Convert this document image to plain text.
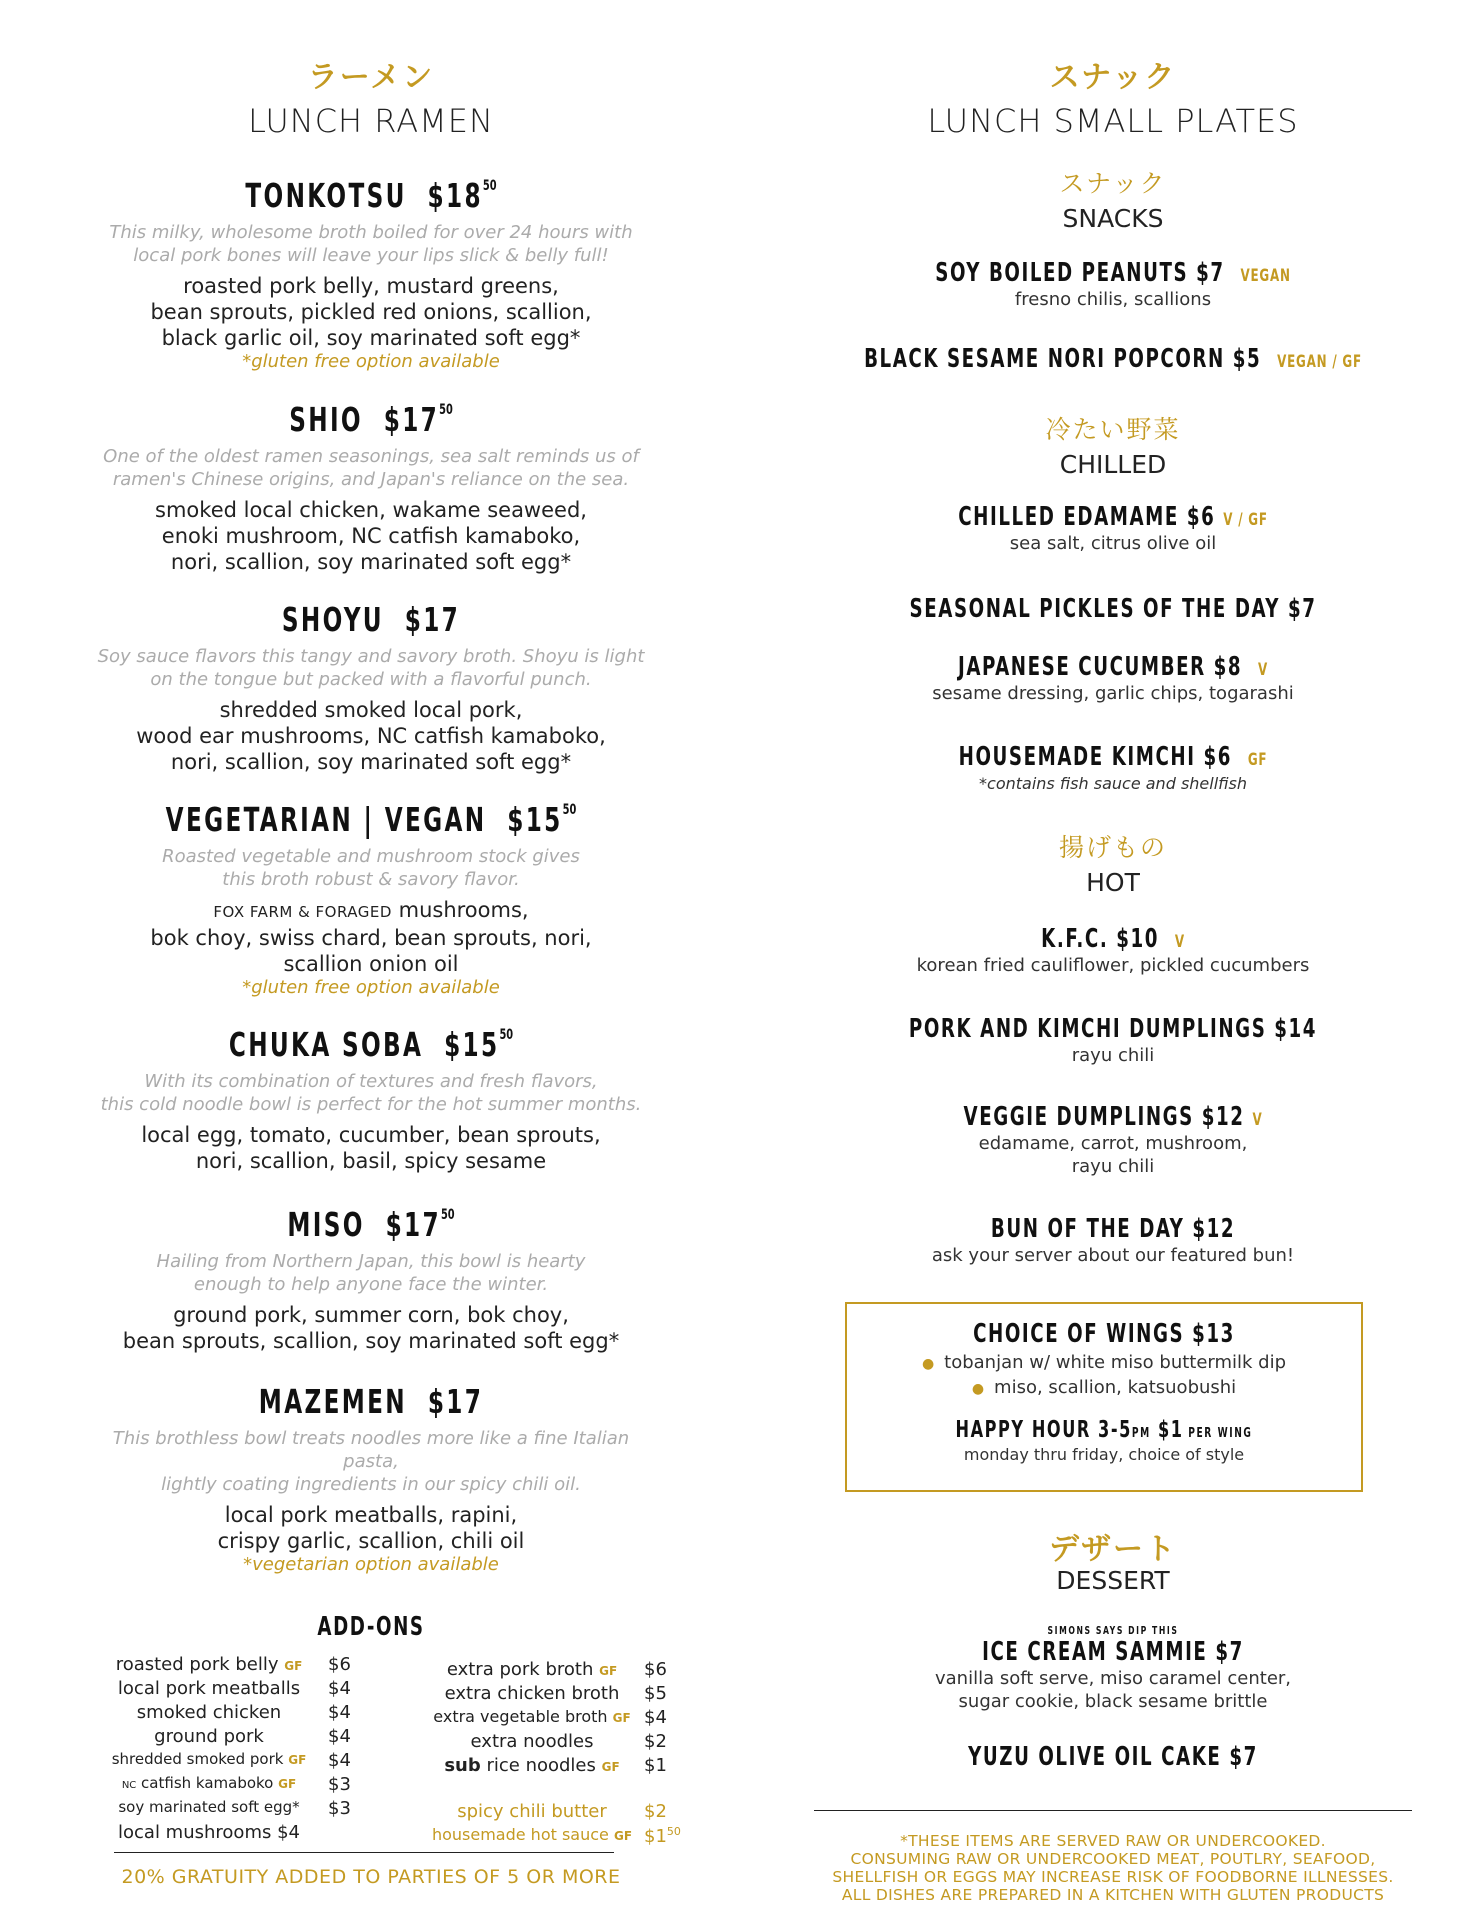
ラーメン
LUNCH RAMEN
TONKOTSU $\$18^{50}$
This milky, wholesome broth boiled for over 24 hours with
local pork bones will leave your lips slick & belly full!
roasted pork belly, mustard greens,
bean sprouts, pickled red onions, scallion,
black garlic oil, soy marinated soft egg*
*gluten free option available
SHIO $\$17^{50}$
One of the oldest ramen seasonings, sea salt reminds us of
ramen's Chinese origins, and Japan's reliance on the sea.
smoked local chicken, wakame seaweed,
enoki mushroom, NC catfish kamaboko,
nori, scallion, soy marinated soft egg*
SHOYU $17
Soy sauce flavors this tangy and savory broth. Shoyu is light
on the tongue but packed with a flavorful punch.
shredded smoked local pork,
wood ear mushrooms, NC catfish kamaboko,
nori, scallion, soy marinated soft egg*
VEGETARIAN | VEGAN $\$15^{50}$
Roasted vegetable and mushroom stock gives
this broth robust & savory flavor.
FOX FARM & FORAGED mushrooms,
bok choy, swiss chard, bean sprouts, nori,
scallion onion oil
*gluten free option available
CHUKA SOBA $\$15^{50}$
With its combination of textures and fresh flavors,
this cold noodle bowl is perfect for the hot summer months.
local egg, tomato, cucumber, bean sprouts,
nori, scallion, basil, spicy sesame
MISO $\$17^{50}$
Hailing from Northern Japan, this bowl is hearty
enough to help anyone face the winter.
ground pork, summer corn, bok choy,
bean sprouts, scallion, soy marinated soft egg*
MAZEMEN $17
This brothless bowl treats noodles more like a fine Italian
pasta,
lightly coating ingredients in our spicy chili oil.
local pork meatballs, rapini,
crispy garlic, scallion, chili oil
*vegetarian option available
ADD-ONS
roasted pork belly GF $6
local pork meatballs $4
smoked chicken	$4
ground pork	$4
shredded smoked pork GF $4
NC catfish kamaboko GF $3
soy marinated soft egg* $3
local mushrooms $4
extra pork broth GF $6
extra chicken broth $5
extra vegetable broth GF $4
extra noodles	$2
sub rice noodles GF $1
spicy chili butter $2
housemade hot sauce GF $\$1^{50}$
20% GRATUITY ADDED TO PARTIES OF 5 OR MORE
スナック
LUNCH SMALL PLATES
スナック
SNACKS
SOY BOILED PEANUTS $7 VEGAN
fresno chilis, scallions
BLACK SESAME NORI POPCORN $5 VEGAN / GF
冷たい野菜
CHILLED
CHILLED EDAMAME $6 V / GF
sea salt, citrus olive oil
SEASONAL PICKLES OF THE DAY $7
JAPANESE CUCUMBER $8 V
sesame dressing, garlic chips, togarashi
HOUSEMADE KIMCHI $6 GF
*contains fish sauce and shellfish
揚げもの
HOT
K.F.C. $10 V
korean fried cauliflower, pickled cucumbers
PORK AND KIMCHI DUMPLINGS $14
rayu chili
VEGGIE DUMPLINGS $12 V
edamame, carrot, mushroom,
rayu chili
BUN OF THE DAY $12
ask your server about our featured bun!
CHOICE OF WINGS $13
● tobanjan w/ white miso buttermilk dip
● miso, scallion, katsuobushi
HAPPY HOUR 3-5PM $1 PER WING
monday thru friday, choice of style
デザート
DESSERT
SIMONS SAYS DIP THIS
ICE CREAM SAMMIE $7
vanilla soft serve, miso caramel center,
sugar cookie, black sesame brittle
YUZU OLIVE OIL CAKE $7
*THESE ITEMS ARE SERVED RAW OR UNDERCOOKED.
CONSUMING RAW OR UNDERCOOKED MEAT, POUTLRY, SEAFOOD,
SHELLFISH OR EGGS MAY INCREASE RISK OF FOODBORNE ILLNESSES.
ALL DISHES ARE PREPARED IN A KITCHEN WITH GLUTEN PRODUCTS
